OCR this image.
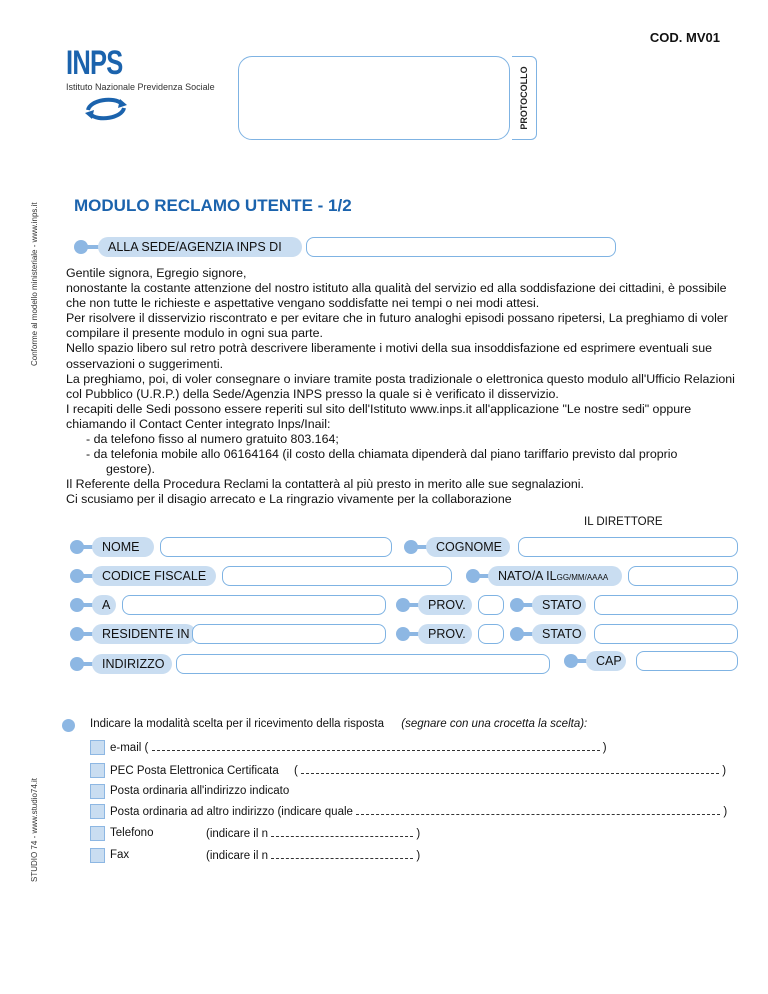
COD. MV01
INPS
Istituto Nazionale Previdenza Sociale	PROTOCOLLO
Conforme al modello ministeriale - www.inps.it
STUDIO 74 - www.studio74.it
MODULO RECLAMO UTENTE - 1/2
ALLA SEDE/AGENZIA INPS DI

Gentile signora, Egregio signore,

nonostante la costante attenzione del nostro istituto alla qualità del servizio ed alla soddisfazione dei cittadini, è possibile che non tutte le richieste e aspettative vengano soddisfatte nei tempi o nei modi attesi.

Per risolvere il disservizio riscontrato e per evitare che in futuro analoghi episodi possano ripetersi, La preghiamo di voler compilare il presente modulo in ogni sua parte.

Nello spazio libero sul retro potrà descrivere liberamente i motivi della sua insoddisfazione ed esprimere eventuali sue osservazioni o suggerimenti.

La preghiamo, poi, di voler consegnare o inviare tramite posta tradizionale o elettronica questo modulo all'Ufficio Relazioni col Pubblico (U.R.P.) della Sede/Agenzia INPS presso la quale si è verificato il disservizio.

I recapiti delle Sedi possono essere reperiti sul sito dell'Istituto www.inps.it all'applicazione "Le nostre sedi" oppure chiamando il Contact Center integrato Inps/Inail:

- da telefono fisso al numero gratuito 803.164;

- da telefonia mobile allo 06164164 (il costo della chiamata dipenderà dal piano tariffario previsto dal proprio

gestore).

Il Referente della Procedura Reclami la contatterà al più presto in merito alle sue segnalazioni.

Ci scusiamo per il disagio arrecato e La ringrazio vivamente per la collaborazione

IL DIRETTORE
NOME	COGNOME
CODICE FISCALE	NATO/A ILGG/MM/AAAA
A	PROV.	STATO
RESIDENTE IN	PROV.	STATO
INDIRIZZO	CAP
Indicare la modalità scelta per il ricevimento della risposta (segnare con una crocetta la scelta):
e-mail (	)
PEC Posta Elettronica Certificata (	)
Posta ordinaria all'indirizzo indicato
Posta ordinaria ad altro indirizzo (indicare quale	)
Telefono	(indicare il n	)
Fax	(indicare il n	)
